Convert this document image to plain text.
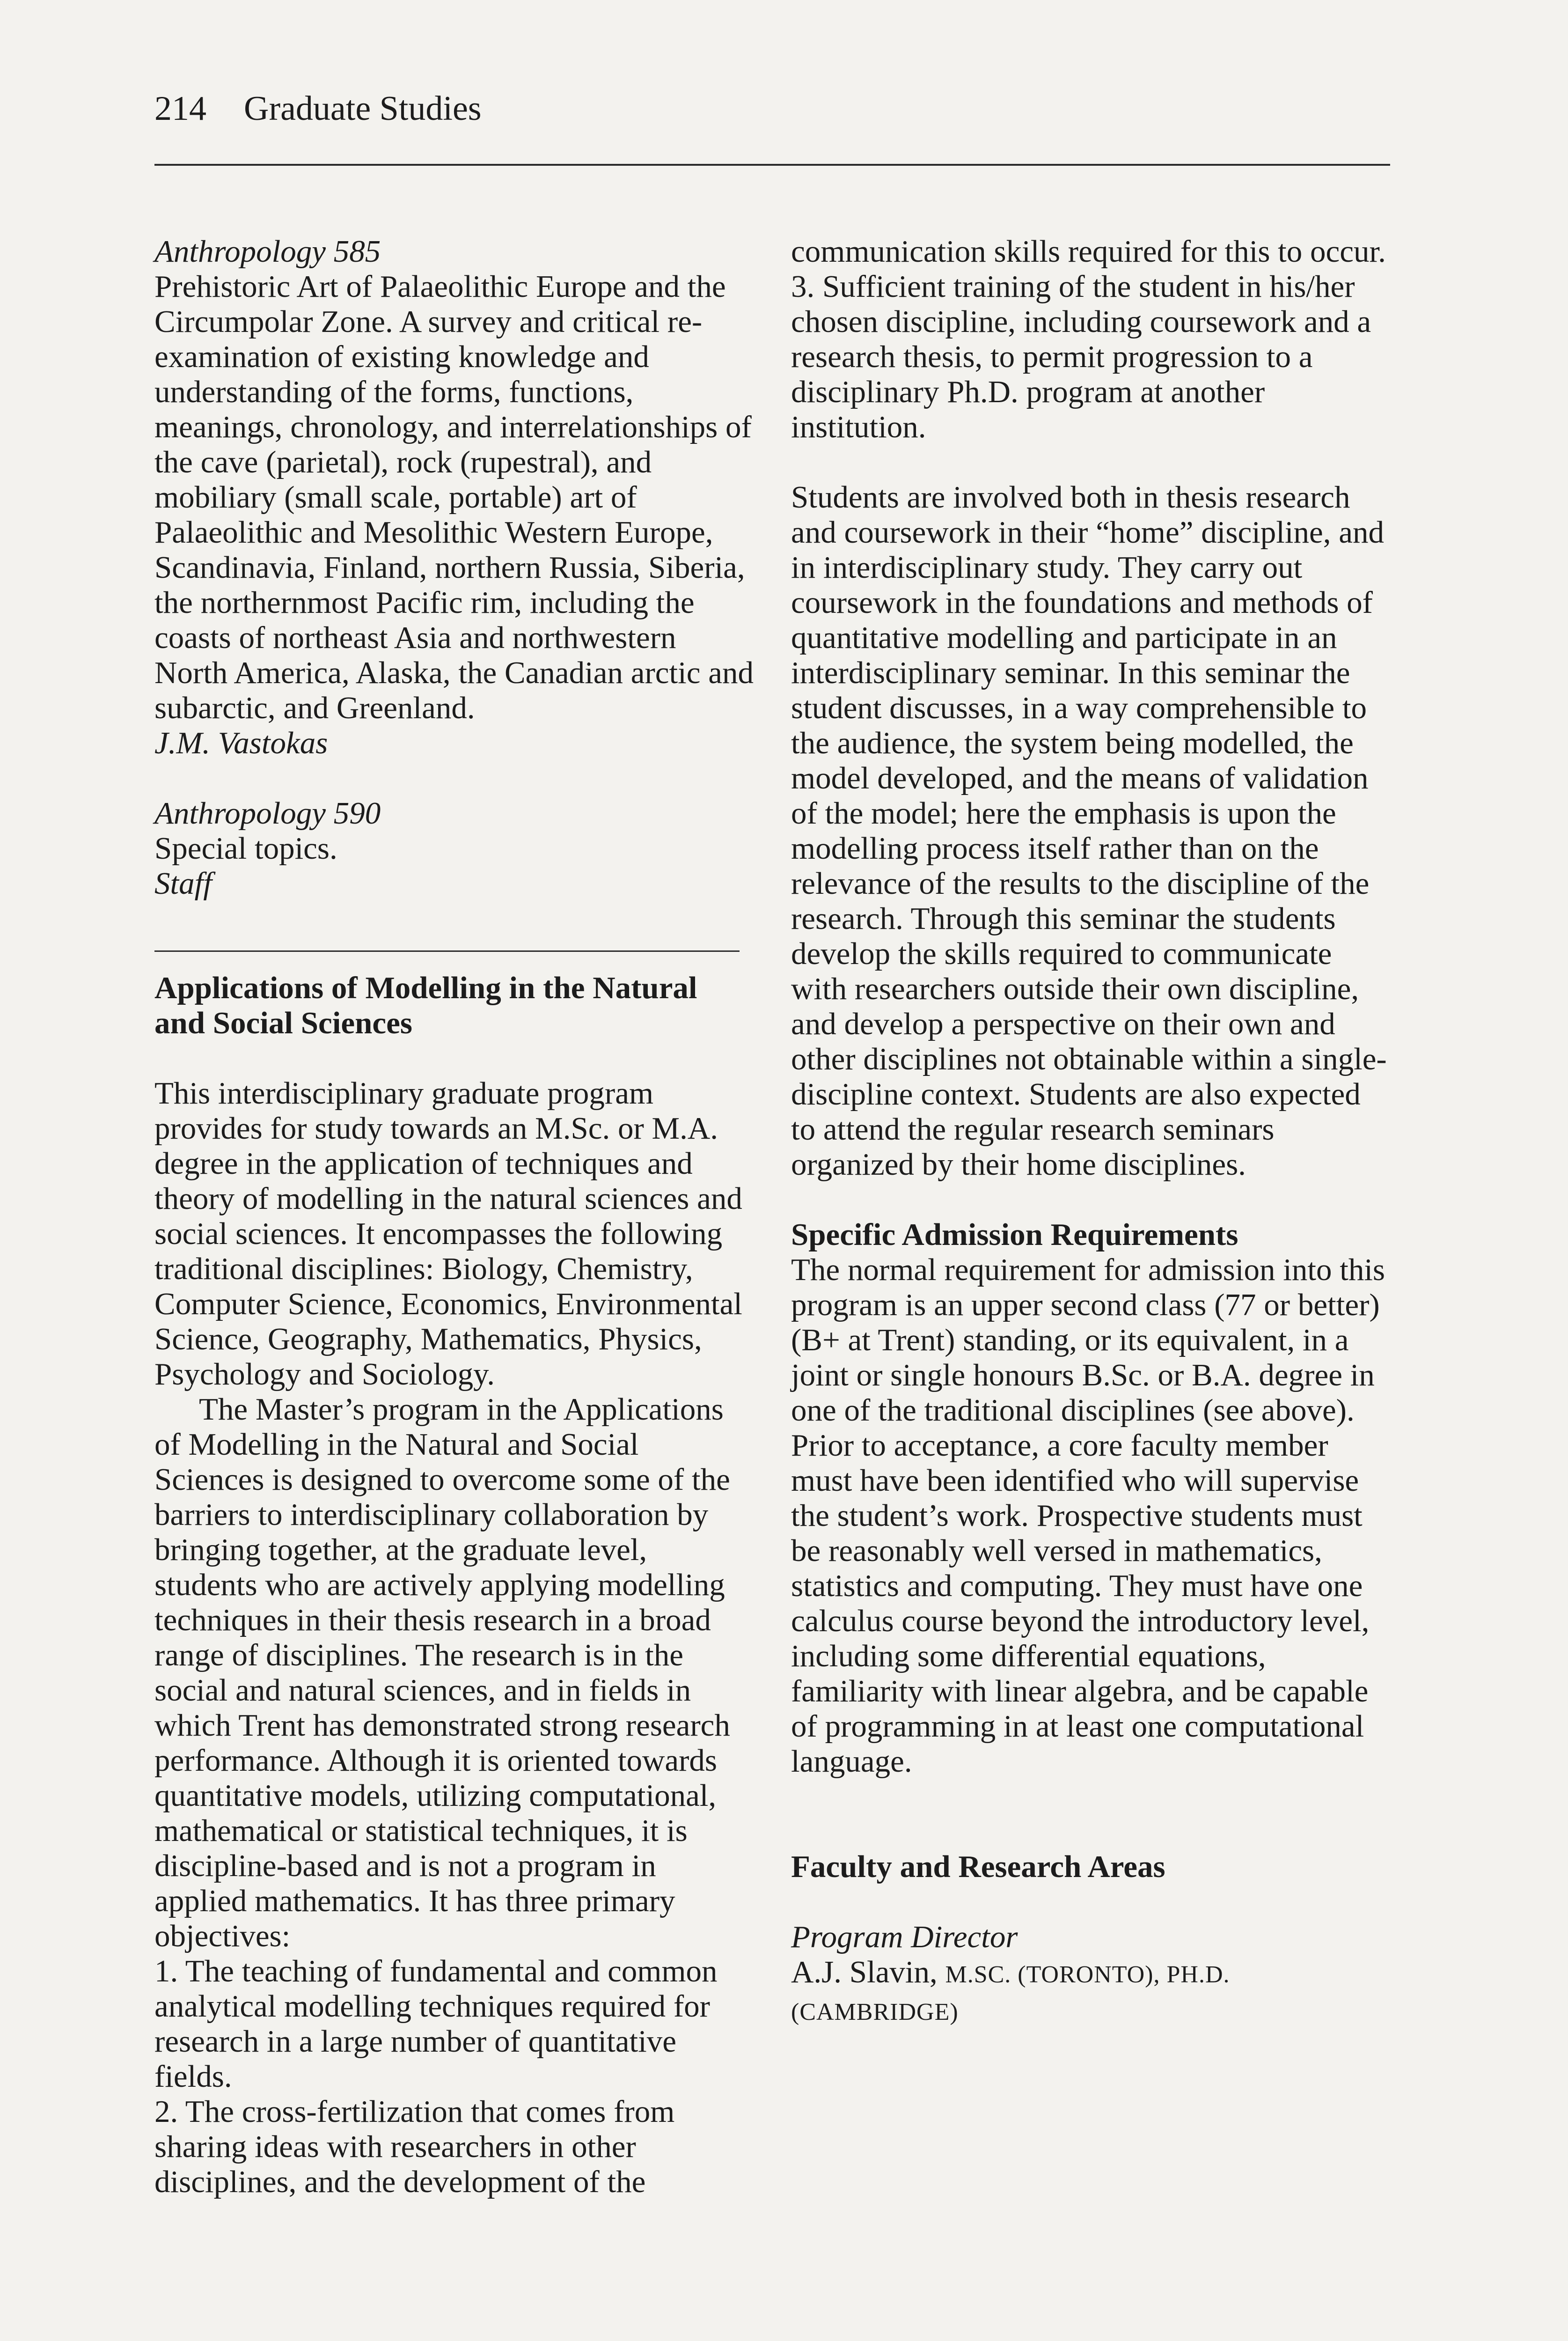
214 Graduate Studies

Anthropology 585

Prehistoric Art of Palaeolithic Europe and the Circumpolar Zone. A survey and critical re-examination of existing knowledge and understanding of the forms, functions, meanings, chronology, and interrelationships of the cave (parietal), rock (rupestral), and mobiliary (small scale, portable) art of Palaeolithic and Mesolithic Western Europe, Scandinavia, Finland, northern Russia, Siberia, the northernmost Pacific rim, including the coasts of northeast Asia and northwestern North America, Alaska, the Canadian arctic and subarctic, and Greenland.

J.M. Vastokas

Anthropology 590

Special topics.

Staff

Applications of Modelling in the Natural and Social Sciences

This interdisciplinary graduate program provides for study towards an M.Sc. or M.A. degree in the application of techniques and theory of modelling in the natural sciences and social sciences. It encompasses the following traditional disciplines: Biology, Chemistry, Computer Science, Economics, Environmental Science, Geography, Mathematics, Physics, Psychology and Sociology.

The Master’s program in the Applications of Modelling in the Natural and Social Sciences is designed to overcome some of the barriers to interdisciplinary collaboration by bringing together, at the graduate level, students who are actively applying modelling techniques in their thesis research in a broad range of disciplines. The research is in the social and natural sciences, and in fields in which Trent has demonstrated strong research performance. Although it is oriented towards quantitative models, utilizing computational, mathematical or statistical techniques, it is discipline-based and is not a program in applied mathematics. It has three primary objectives:

1. The teaching of fundamental and common analytical modelling techniques required for research in a large number of quantitative fields.

2. The cross-fertilization that comes from sharing ideas with researchers in other disciplines, and the development of the

communication skills required for this to occur.

3. Sufficient training of the student in his/her chosen discipline, including coursework and a research thesis, to permit progression to a disciplinary Ph.D. program at another institution.

Students are involved both in thesis research and coursework in their “home” discipline, and in interdisciplinary study. They carry out coursework in the foundations and methods of quantitative modelling and participate in an interdisciplinary seminar. In this seminar the student discusses, in a way comprehensible to the audience, the system being modelled, the model developed, and the means of validation of the model; here the emphasis is upon the modelling process itself rather than on the relevance of the results to the discipline of the research. Through this seminar the students develop the skills required to communicate with researchers outside their own discipline, and develop a perspective on their own and other disciplines not obtainable within a single-discipline context. Students are also expected to attend the regular research seminars organized by their home disciplines.

Specific Admission Requirements

The normal requirement for admission into this program is an upper second class (77 or better) (B+ at Trent) standing, or its equivalent, in a joint or single honours B.Sc. or B.A. degree in one of the traditional disciplines (see above). Prior to acceptance, a core faculty member must have been identified who will supervise the student’s work. Prospective students must be reasonably well versed in mathematics, statistics and computing. They must have one calculus course beyond the introductory level, including some differential equations, familiarity with linear algebra, and be capable of programming in at least one computational language.

Faculty and Research Areas

Program Director

A.J. Slavin, M.SC. (TORONTO), PH.D. (CAMBRIDGE)
